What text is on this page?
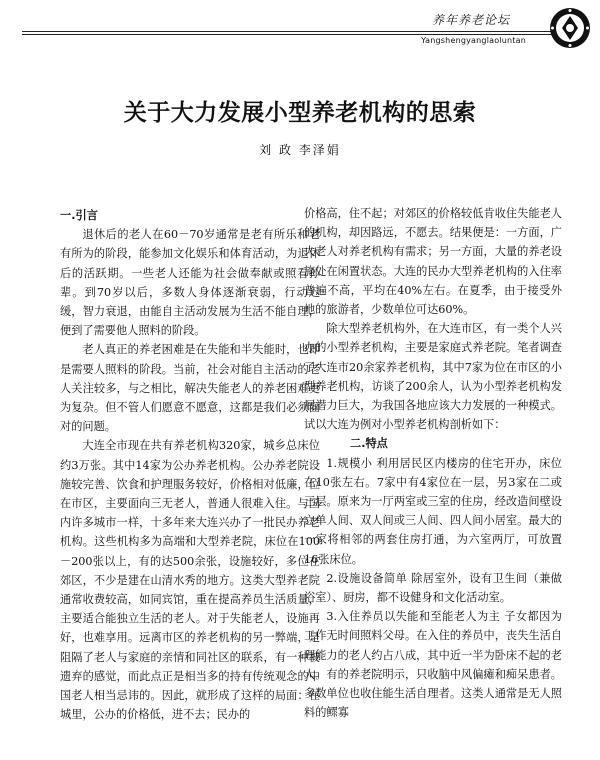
养年养老论坛
Yangshengyanglaoluntan
关于大力发展小型养老机构的思索
刘 政 李泽娟
一.引言

退休后的老人在60－70岁通常是老有所乐和老有所为的阶段，能参加文化娱乐和体育活动，为退休后的活跃期。一些老人还能为社会做奉献或照看孙辈。到70岁以后，多数人身体逐渐衰弱，行动迟缓，智力衰退，由能自主活动发展为生活不能自理，便到了需要他人照料的阶段。

老人真正的养老困难是在失能和半失能时，也即是需要人照料的阶段。当前，社会对能自主活动的老人关注较多，与之相比，解决失能老人的养老困难更为复杂。但不管人们愿意不愿意，这都是我们必须面对的问题。

大连全市现在共有养老机构320家，城乡总床位约3万张。其中14家为公办养老机构。公办养老院设施较完善、饮食和护理服务较好，价格相对低廉，位在市区，主要面向三无老人，普通人很难入住。与国内许多城市一样，十多年来大连兴办了一批民办养老机构。这些机构多为高端和大型养老院，床位在100－200张以上，有的达500余张，设施较好，多位在郊区，不少是建在山清水秀的地方。这类大型养老院通常收费较高，如同宾馆，重在提高养员生活质量，主要适合能独立生活的老人。对于失能老人，设施再好，也难享用。远离市区的养老机构的另一弊端，是阻隔了老人与家庭的亲情和同社区的联系，有一种被遗弃的感觉，而此点正是相当多的持有传统观念的中国老人相当忌讳的。因此，就形成了这样的局面：在城里，公办的价格低，进不去；民办的

价格高，住不起；对郊区的价格较低肯收住失能老人的机构，却因路远，不愿去。结果便是：一方面，广大老人对养老机构有需求；另一方面，大量的养老设施处在闲置状态。大连的民办大型养老机构的入住率普遍不高，平均在40%左右。在夏季，由于接受外地的旅游者，少数单位可达60%。

除大型养老机构外，在大连市区，有一类个人兴办的小型养老机构，主要是家庭式养老院。笔者调查了大连市20余家养老机构，其中7家为位在市区的小型养老机构，访谈了200余人，认为小型养老机构发展潜力巨大，为我国各地应该大力发展的一种模式。试以大连为例对小型养老机构剖析如下：

二.特点

1.规模小 利用居民区内楼房的住宅开办，床位在10张左右。7家中有4家位在一层，另3家在二或三层。原来为一厅两室或三室的住房，经改造间壁设立单人间、双人间或三人间、四人间小居室。最大的一家将相邻的两套住房打通，为六室两厅，可放置16张床位。

2.设施设备简单 除居室外，设有卫生间（兼做浴室）、厨房，都不设健身和文化活动室。

3.入住养员以失能和至能老人为主 子女都因为工作无时间照料父母。在入住的养员中，丧失生活自理能力的老人约占八成，其中近一半为卧床不起的老人。有的养老院明示，只收脑中风偏瘫和痴呆患者。多数单位也收住能生活自理者。这类人通常是无人照料的鳏寡
